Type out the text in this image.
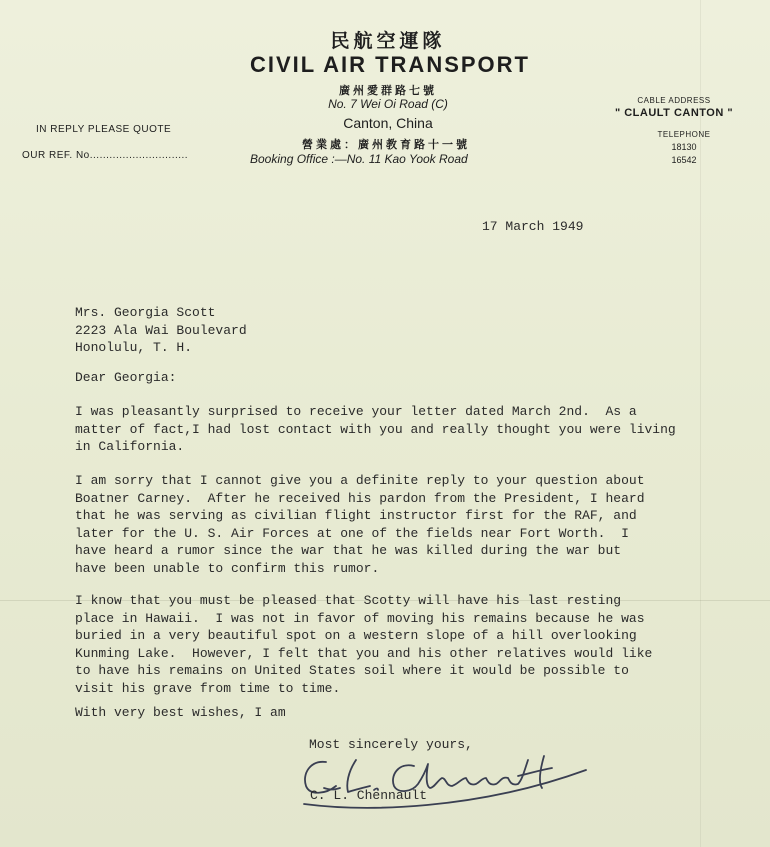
民航空運隊
CIVIL AIR TRANSPORT
廣州愛群路七號
No. 7 Wei Oi Road (C)
Canton, China
營業處：廣州教育路十一號
Booking Office :—No. 11 Kao Yook Road
IN REPLY PLEASE QUOTE
OUR REF. No..............................
CABLE ADDRESS
" CLAULT CANTON "
TELEPHONE
18130
16542
17 March 1949
Mrs. Georgia Scott
2223 Ala Wai Boulevard
Honolulu, T. H.
Dear Georgia:
I was pleasantly surprised to receive your letter dated March 2nd.  As a
matter of fact,I had lost contact with you and really thought you were living
in California.
I am sorry that I cannot give you a definite reply to your question about
Boatner Carney.  After he received his pardon from the President, I heard
that he was serving as civilian flight instructor first for the RAF, and
later for the U. S. Air Forces at one of the fields near Fort Worth.  I
have heard a rumor since the war that he was killed during the war but
have been unable to confirm this rumor.
I know that you must be pleased that Scotty will have his last resting
place in Hawaii.  I was not in favor of moving his remains because he was
buried in a very beautiful spot on a western slope of a hill overlooking
Kunming Lake.  However, I felt that you and his other relatives would like
to have his remains on United States soil where it would be possible to
visit his grave from time to time.
With very best wishes, I am
Most sincerely yours,
C. L. Chennault
